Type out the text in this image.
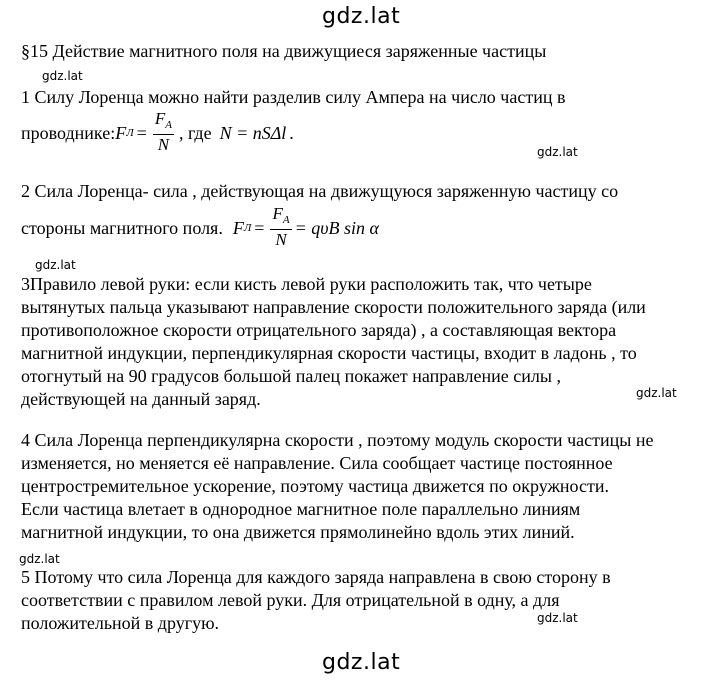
gdz.lat
gdz.lat
gdz.lat
gdz.lat
gdz.lat
gdz.lat
gdz.lat
gdz.lat
§15 Действие магнитного поля на движущиеся заряженные частицы
1 Силу Лоренца можно найти разделив силу Ампера на число частиц в
проводнике: F $Л = \frac{F_A}{N}$ , где N = nSΔl .
2 Сила Лоренца- сила , действующая на движущуюся заряженную частицу со
стороны магнитного поля. F $Л = \frac{F_A}{N} = q\upsilon B$ sin α
3Правило левой руки: если кисть левой руки расположить так, что четыре
вытянутых пальца указывают направление скорости положительного заряда (или
противоположное скорости отрицательного заряда) , а составляющая вектора
магнитной индукции, перпендикулярная скорости частицы, входит в ладонь , то
отогнутый на 90 градусов большой палец покажет направление силы ,
действующей на данный заряд.
4 Сила Лоренца перпендикулярна скорости , поэтому модуль скорости частицы не
изменяется, но меняется её направление. Сила сообщает частице постоянное
центростремительное ускорение, поэтому частица движется по окружности.
Если частица влетает в однородное магнитное поле параллельно линиям
магнитной индукции, то она движется прямолинейно вдоль этих линий.
5 Потому что сила Лоренца для каждого заряда направлена в свою сторону в
соответствии с правилом левой руки. Для отрицательной в одну, а для
положительной в другую.
